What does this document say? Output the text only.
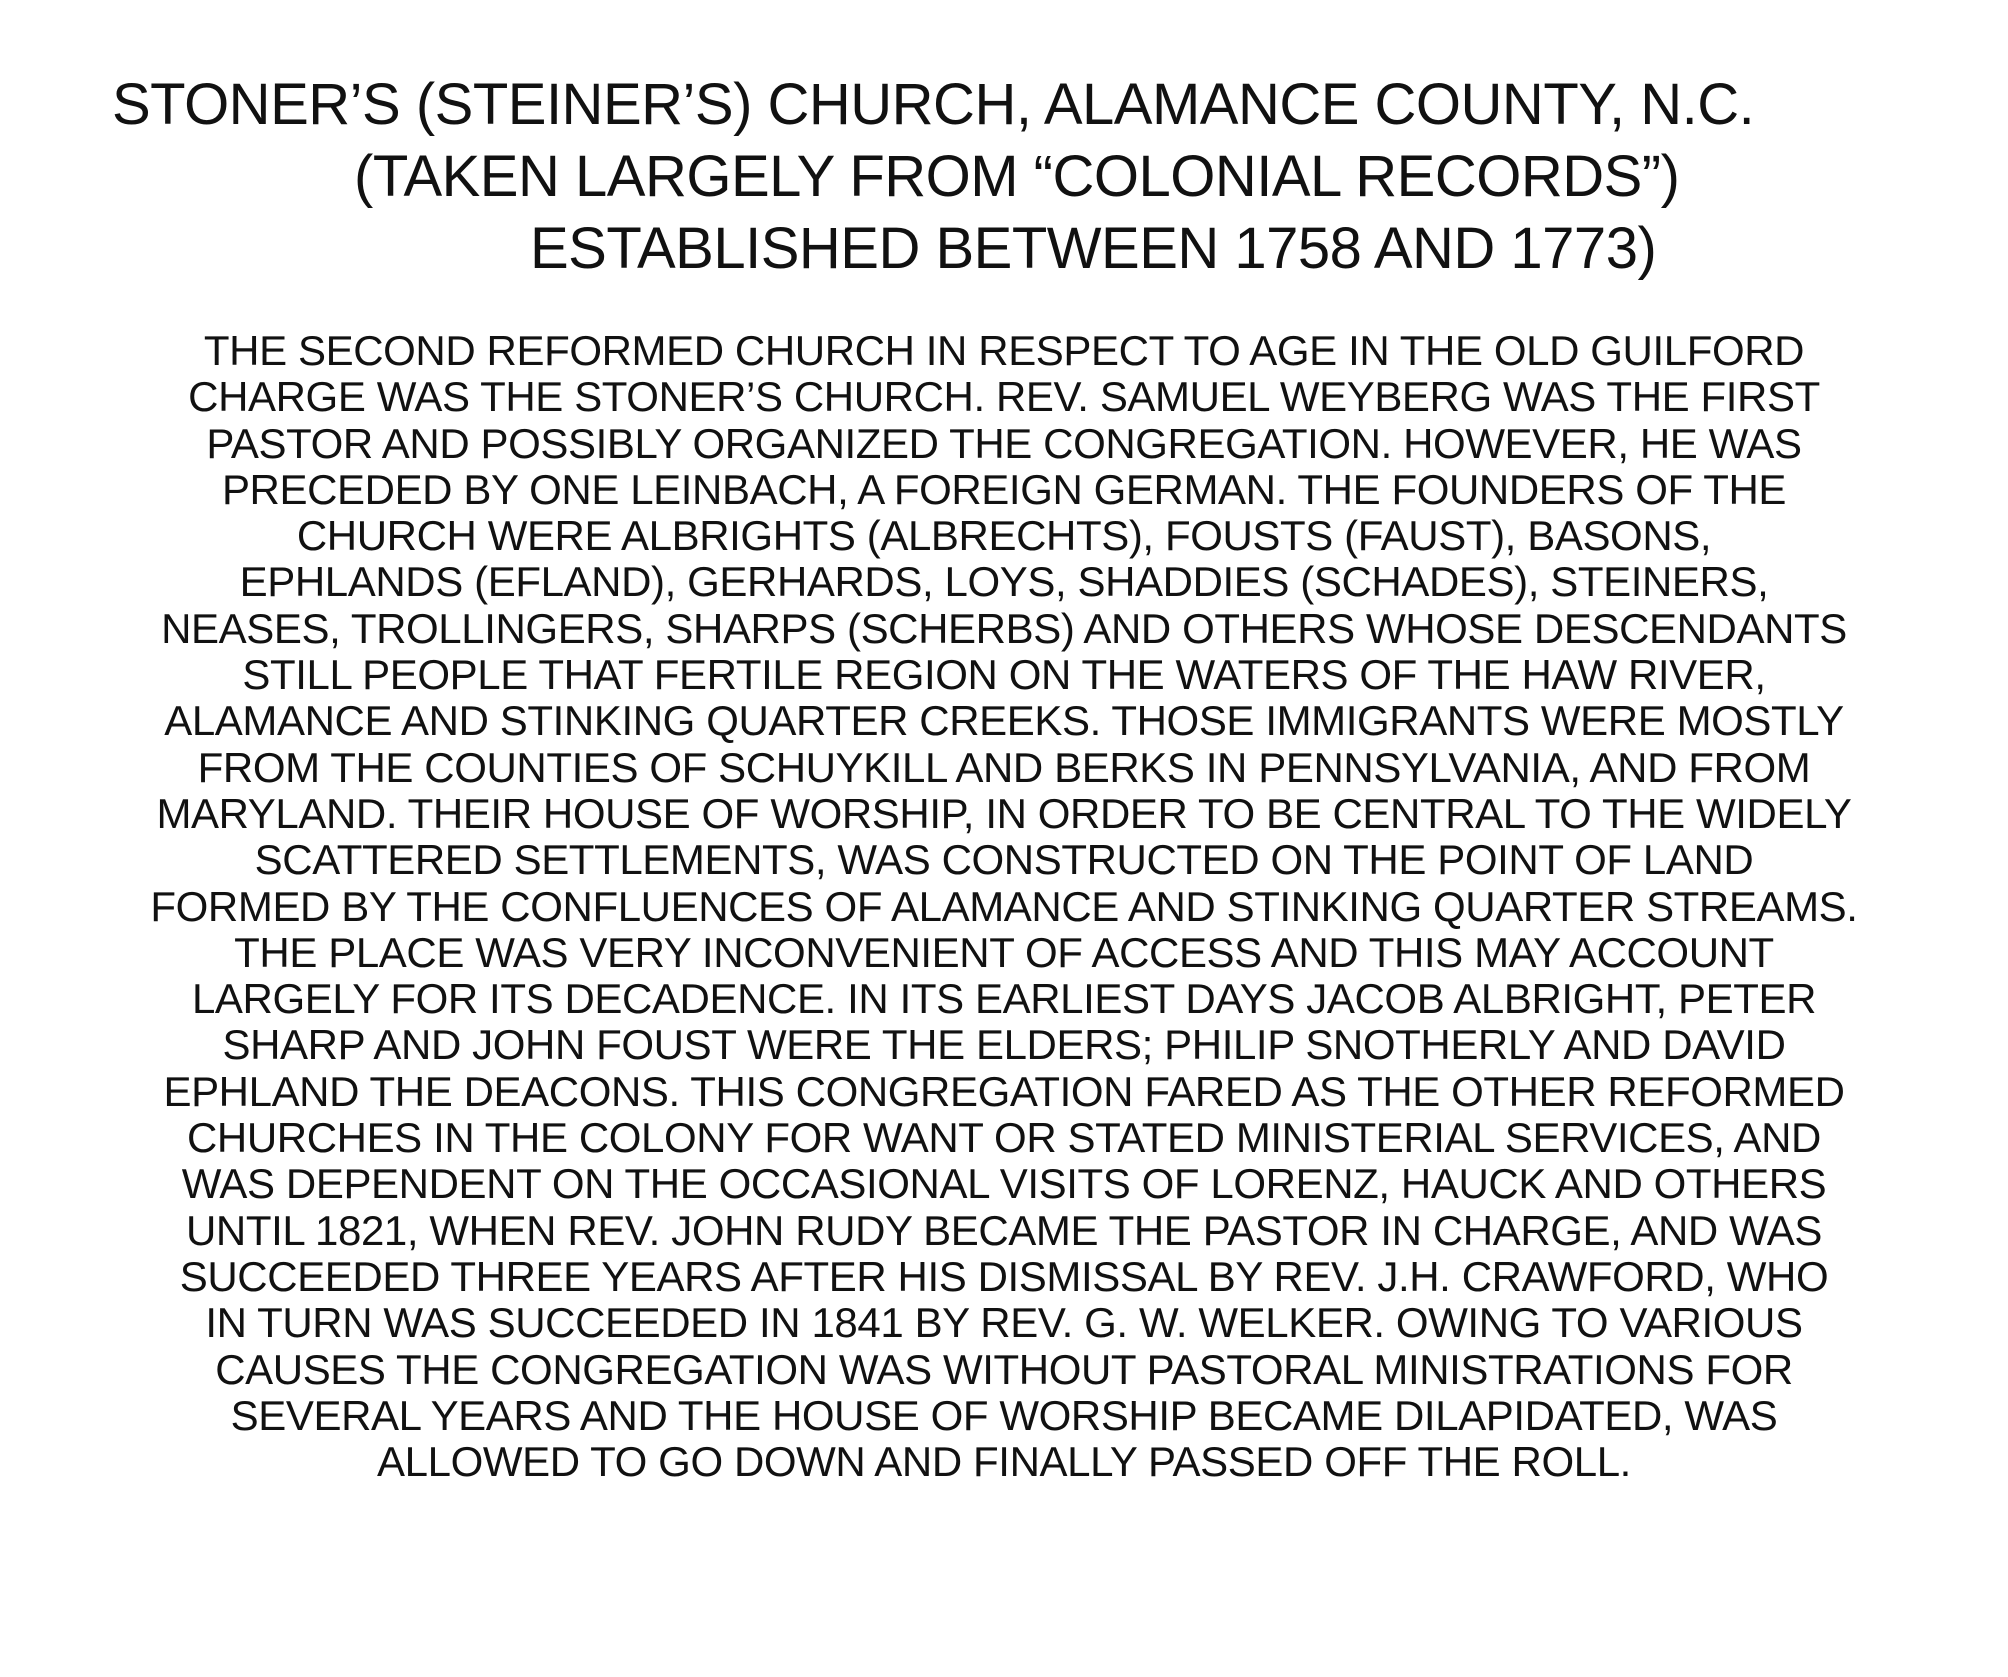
STONER’S (STEINER’S) CHURCH, ALAMANCE COUNTY, N.C.
(TAKEN LARGELY FROM “COLONIAL RECORDS”)
ESTABLISHED BETWEEN 1758 AND 1773)
THE SECOND REFORMED CHURCH IN RESPECT TO AGE IN THE OLD GUILFORD
CHARGE WAS THE STONER’S CHURCH. REV. SAMUEL WEYBERG WAS THE FIRST
PASTOR AND POSSIBLY ORGANIZED THE CONGREGATION. HOWEVER, HE WAS
PRECEDED BY ONE LEINBACH, A FOREIGN GERMAN. THE FOUNDERS OF THE
CHURCH WERE ALBRIGHTS (ALBRECHTS), FOUSTS (FAUST), BASONS,
EPHLANDS (EFLAND), GERHARDS, LOYS, SHADDIES (SCHADES), STEINERS,
NEASES, TROLLINGERS, SHARPS (SCHERBS) AND OTHERS WHOSE DESCENDANTS
STILL PEOPLE THAT FERTILE REGION ON THE WATERS OF THE HAW RIVER,
ALAMANCE AND STINKING QUARTER CREEKS. THOSE IMMIGRANTS WERE MOSTLY
FROM THE COUNTIES OF SCHUYKILL AND BERKS IN PENNSYLVANIA, AND FROM
MARYLAND. THEIR HOUSE OF WORSHIP, IN ORDER TO BE CENTRAL TO THE WIDELY
SCATTERED SETTLEMENTS, WAS CONSTRUCTED ON THE POINT OF LAND
FORMED BY THE CONFLUENCES OF ALAMANCE AND STINKING QUARTER STREAMS.
THE PLACE WAS VERY INCONVENIENT OF ACCESS AND THIS MAY ACCOUNT
LARGELY FOR ITS DECADENCE. IN ITS EARLIEST DAYS JACOB ALBRIGHT, PETER
SHARP AND JOHN FOUST WERE THE ELDERS; PHILIP SNOTHERLY AND DAVID
EPHLAND THE DEACONS. THIS CONGREGATION FARED AS THE OTHER REFORMED
CHURCHES IN THE COLONY FOR WANT OR STATED MINISTERIAL SERVICES, AND
WAS DEPENDENT ON THE OCCASIONAL VISITS OF LORENZ, HAUCK AND OTHERS
UNTIL 1821, WHEN REV. JOHN RUDY BECAME THE PASTOR IN CHARGE, AND WAS
SUCCEEDED THREE YEARS AFTER HIS DISMISSAL BY REV. J.H. CRAWFORD, WHO
IN TURN WAS SUCCEEDED IN 1841 BY REV. G. W. WELKER. OWING TO VARIOUS
CAUSES THE CONGREGATION WAS WITHOUT PASTORAL MINISTRATIONS FOR
SEVERAL YEARS AND THE HOUSE OF WORSHIP BECAME DILAPIDATED, WAS
ALLOWED TO GO DOWN AND FINALLY PASSED OFF THE ROLL.
